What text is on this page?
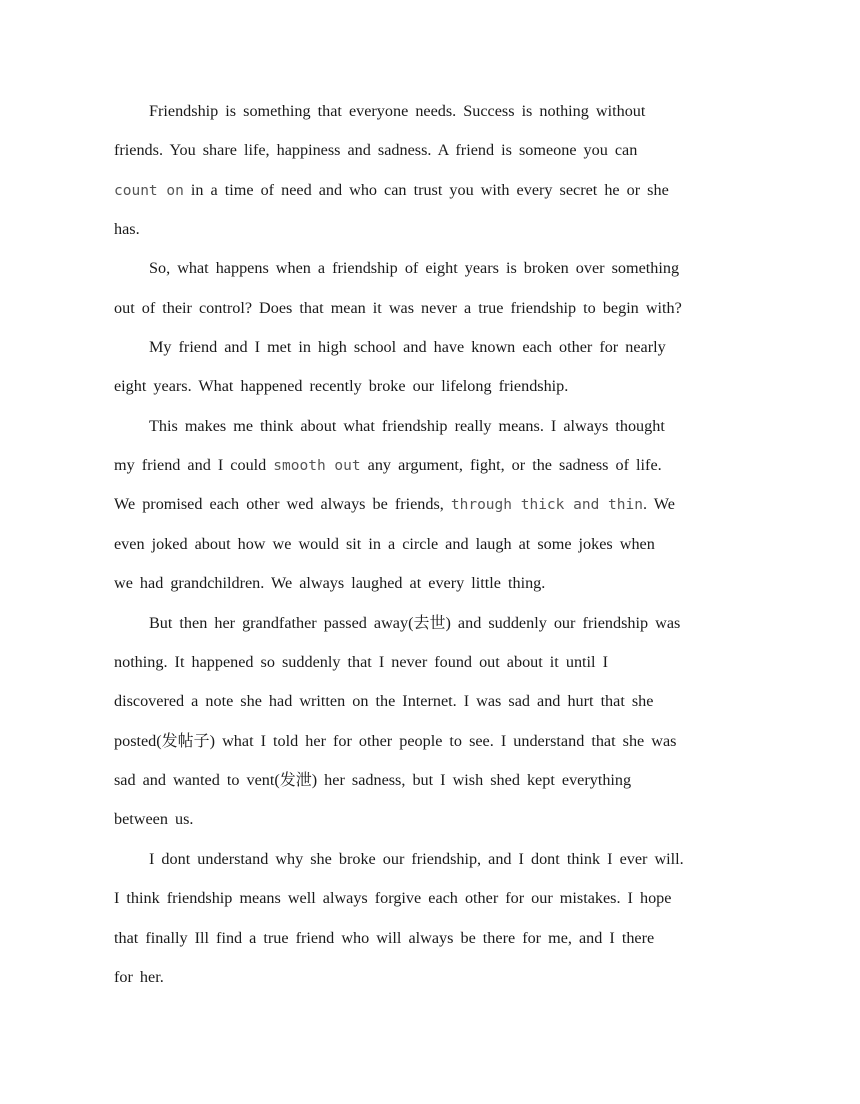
Friendship is something that everyone needs. Success is nothing without
friends. You share life, happiness and sadness. A friend is someone you can
count on in a time of need and who can trust you with every secret he or she
has.
So, what happens when a friendship of eight years is broken over something
out of their control? Does that mean it was never a true friendship to begin with?
My friend and I met in high school and have known each other for nearly
eight years. What happened recently broke our lifelong friendship.
This makes me think about what friendship really means. I always thought
my friend and I could smooth out any argument, fight, or the sadness of life.
We promised each other wed always be friends, through thick and thin. We
even joked about how we would sit in a circle and laugh at some jokes when
we had grandchildren. We always laughed at every little thing.
But then her grandfather passed away(去世) and suddenly our friendship was
nothing. It happened so suddenly that I never found out about it until I
discovered a note she had written on the Internet. I was sad and hurt that she
posted(发帖子) what I told her for other people to see. I understand that she was
sad and wanted to vent(发泄) her sadness, but I wish shed kept everything
between us.
I dont understand why she broke our friendship, and I dont think I ever will.
I think friendship means well always forgive each other for our mistakes. I hope
that finally Ill find a true friend who will always be there for me, and I there
for her.
